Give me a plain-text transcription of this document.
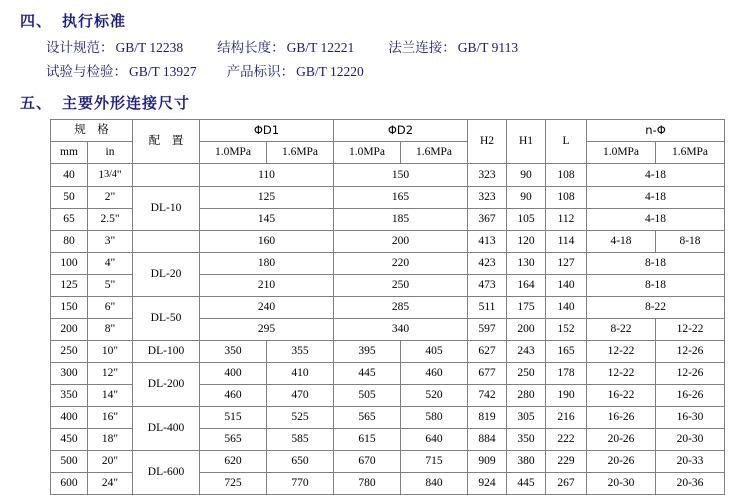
四、 执行标准
设计规范： GB/T 12238	结构长度： GB/T 12221	法兰连接： GB/T 9113
试验与检验： GB/T 13927 产品标识： GB/T 12220
五、 主要外形连接尺寸
规　格		配　置	ΦD1		ΦD2		H2	H1	L	n-Φ	
mm	in		1.0MPa	1.6MPa	1.0MPa	1.6MPa				1.0MPa	1.6MPa
40	13/4"		110		150		323	90	108	4-18	
50	2"	DL-10	125		165		323	90	108	4-18	
65	2.5"		145		185		367	105	112	4-18	
80	3"		160		200		413	120	114	4-18	8-18
100	4"	DL-20	180		220		423	130	127	8-18	
125	5"		210		250		473	164	140	8-18	
150	6"	DL-50	240		285		511	175	140	8-22	
200	8"		295		340		597	200	152	8-22	12-22
250	10"	DL-100	350	355	395	405	627	243	165	12-22	12-26
300	12"	DL-200	400	410	445	460	677	250	178	12-22	12-26
350	14"		460	470	505	520	742	280	190	16-22	16-26
400	16"	DL-400	515	525	565	580	819	305	216	16-26	16-30
450	18"		565	585	615	640	884	350	222	20-26	20-30
500	20"	DL-600	620	650	670	715	909	380	229	20-26	20-33
600	24"		725	770	780	840	924	445	267	20-30	20-36
